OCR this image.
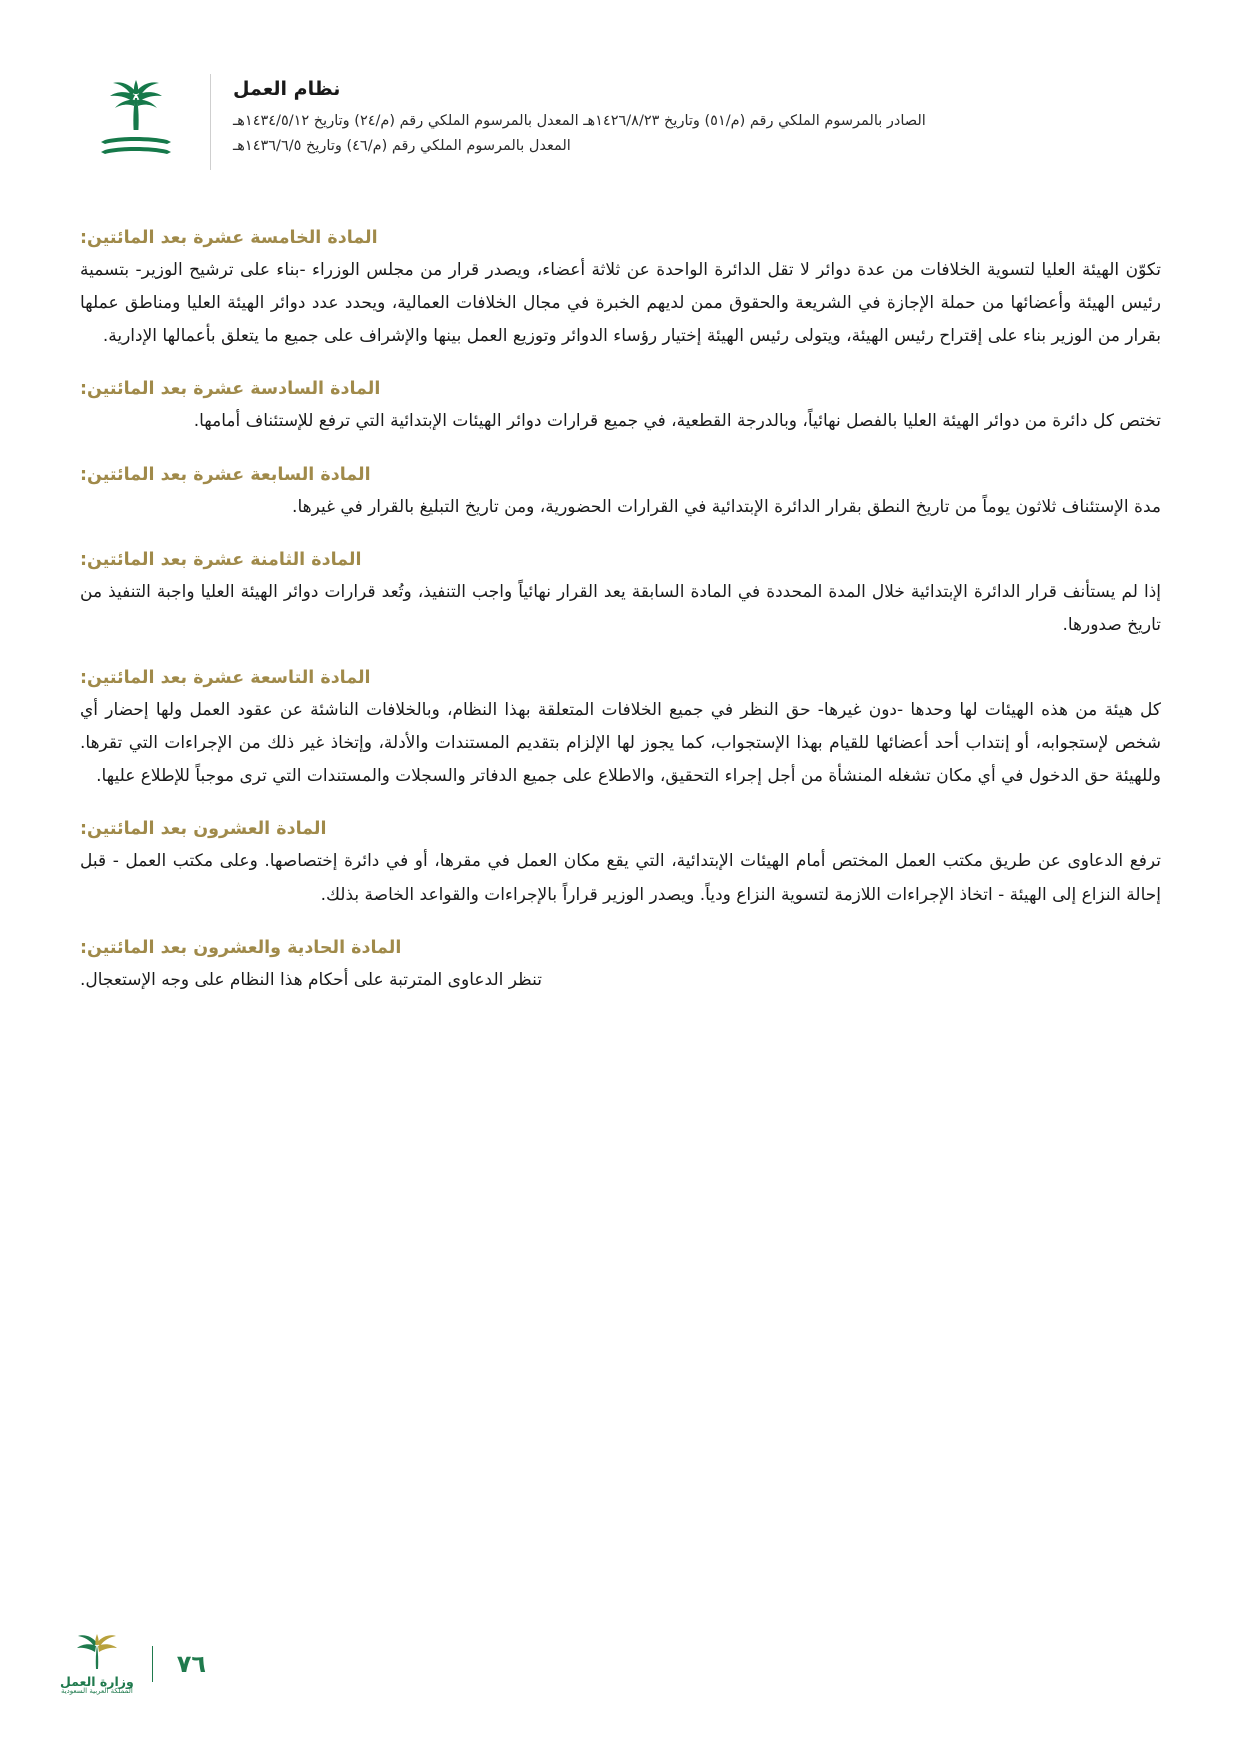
نظام العمل
الصادر بالمرسوم الملكي رقم (م/٥١) وتاريخ ١٤٢٦/٨/٢٣هـ المعدل بالمرسوم الملكي رقم (م/٢٤) وتاريخ ١٤٣٤/٥/١٢هـ
المعدل بالمرسوم الملكي رقم (م/٤٦) وتاريخ ١٤٣٦/٦/٥هـ
المادة الخامسة عشرة بعد المائتين:
تكوّن الهيئة العليا لتسوية الخلافات من عدة دوائر لا تقل الدائرة الواحدة عن ثلاثة أعضاء، ويصدر قرار من مجلس الوزراء -بناء على ترشيح الوزير- بتسمية رئيس الهيئة وأعضائها من حملة الإجازة في الشريعة والحقوق ممن لديهم الخبرة في مجال الخلافات العمالية، ويحدد عدد دوائر الهيئة العليا ومناطق عملها بقرار من الوزير بناء على إقتراح رئيس الهيئة، ويتولى رئيس الهيئة إختيار رؤساء الدوائر وتوزيع العمل بينها والإشراف على جميع ما يتعلق بأعمالها الإدارية.
المادة السادسة عشرة بعد المائتين:
تختص كل دائرة من دوائر الهيئة العليا بالفصل نهائياً، وبالدرجة القطعية، في جميع قرارات دوائر الهيئات الإبتدائية التي ترفع للإستئناف أمامها.
المادة السابعة عشرة بعد المائتين:
مدة الإستئناف ثلاثون يوماً من تاريخ النطق بقرار الدائرة الإبتدائية في القرارات الحضورية، ومن تاريخ التبليغ بالقرار في غيرها.
المادة الثامنة عشرة بعد المائتين:
إذا لم يستأنف قرار الدائرة الإبتدائية خلال المدة المحددة في المادة السابقة يعد القرار نهائياً واجب التنفيذ، وتُعد قرارات دوائر الهيئة العليا واجبة التنفيذ من تاريخ صدورها.
المادة التاسعة عشرة بعد المائتين:
كل هيئة من هذه الهيئات لها وحدها -دون غيرها- حق النظر في جميع الخلافات المتعلقة بهذا النظام، وبالخلافات الناشئة عن عقود العمل ولها إحضار أي شخص لإستجوابه، أو إنتداب أحد أعضائها للقيام بهذا الإستجواب، كما يجوز لها الإلزام بتقديم المستندات والأدلة، وإتخاذ غير ذلك من الإجراءات التي تقرها. وللهيئة حق الدخول في أي مكان تشغله المنشأة من أجل إجراء التحقيق، والاطلاع على جميع الدفاتر والسجلات والمستندات التي ترى موجباً للإطلاع عليها.
المادة العشرون بعد المائتين:
ترفع الدعاوى عن طريق مكتب العمل المختص أمام الهيئات الإبتدائية، التي يقع مكان العمل في مقرها، أو في دائرة إختصاصها. وعلى مكتب العمل - قبل إحالة النزاع إلى الهيئة - اتخاذ الإجراءات اللازمة لتسوية النزاع ودياً. ويصدر الوزير قراراً بالإجراءات والقواعد الخاصة بذلك.
المادة الحادية والعشرون بعد المائتين:
تنظر الدعاوى المترتبة على أحكام هذا النظام على وجه الإستعجال.
وزارة العمل
المملكة العربية السعودية
٧٦
